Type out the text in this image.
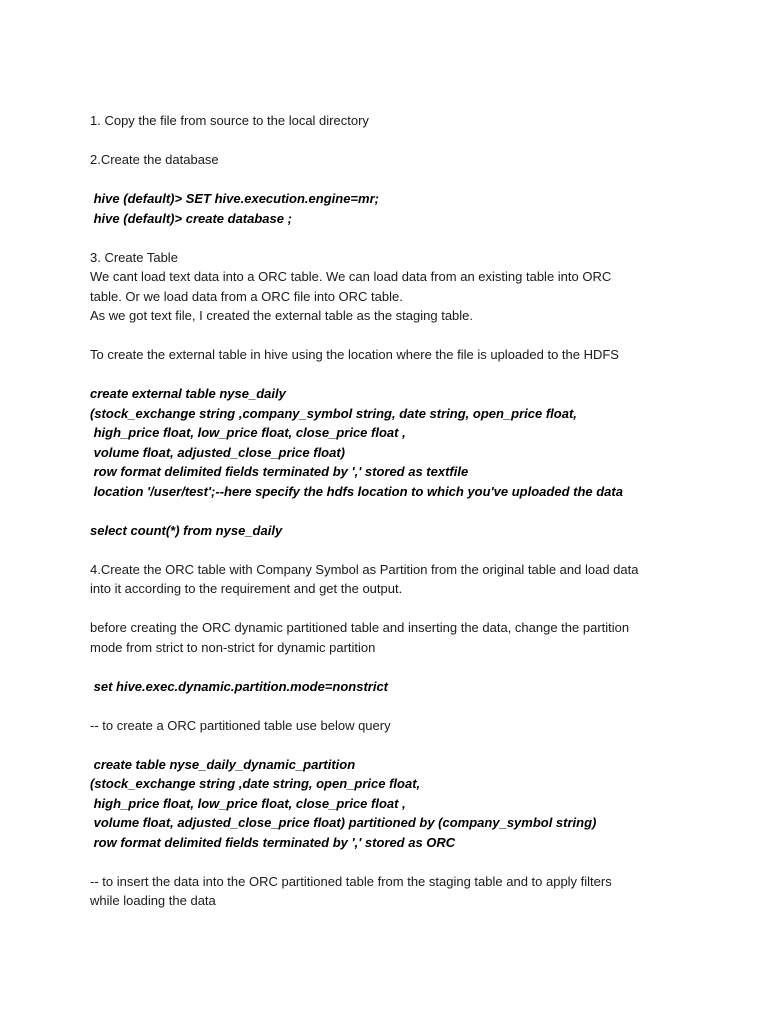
1. Copy the file from source to the local directory

2.Create the database

hive (default)> SET hive.execution.engine=mr;

hive (default)> create database ;

3. Create Table

We cant load text data into a ORC table. We can load data from an existing table into ORC

table. Or we load data from a ORC file into ORC table.

As we got text file, I created the external table as the staging table.

To create the external table in hive using the location where the file is uploaded to the HDFS

create external table nyse_daily

(stock_exchange string ,company_symbol string, date string, open_price float,

high_price float, low_price float, close_price float ,

volume float, adjusted_close_price float)

row format delimited fields terminated by ',' stored as textfile

location '/user/test';--here specify the hdfs location to which you've uploaded the data

select count(*) from nyse_daily

4.Create the ORC table with Company Symbol as Partition from the original table and load data

into it according to the requirement and get the output.

before creating the ORC dynamic partitioned table and inserting the data, change the partition

mode from strict to non-strict for dynamic partition

set hive.exec.dynamic.partition.mode=nonstrict

-- to create a ORC partitioned table use below query

create table nyse_daily_dynamic_partition

(stock_exchange string ,date string, open_price float,

high_price float, low_price float, close_price float ,

volume float, adjusted_close_price float) partitioned by (company_symbol string)

row format delimited fields terminated by ',' stored as ORC

-- to insert the data into the ORC partitioned table from the staging table and to apply filters

while loading the data
